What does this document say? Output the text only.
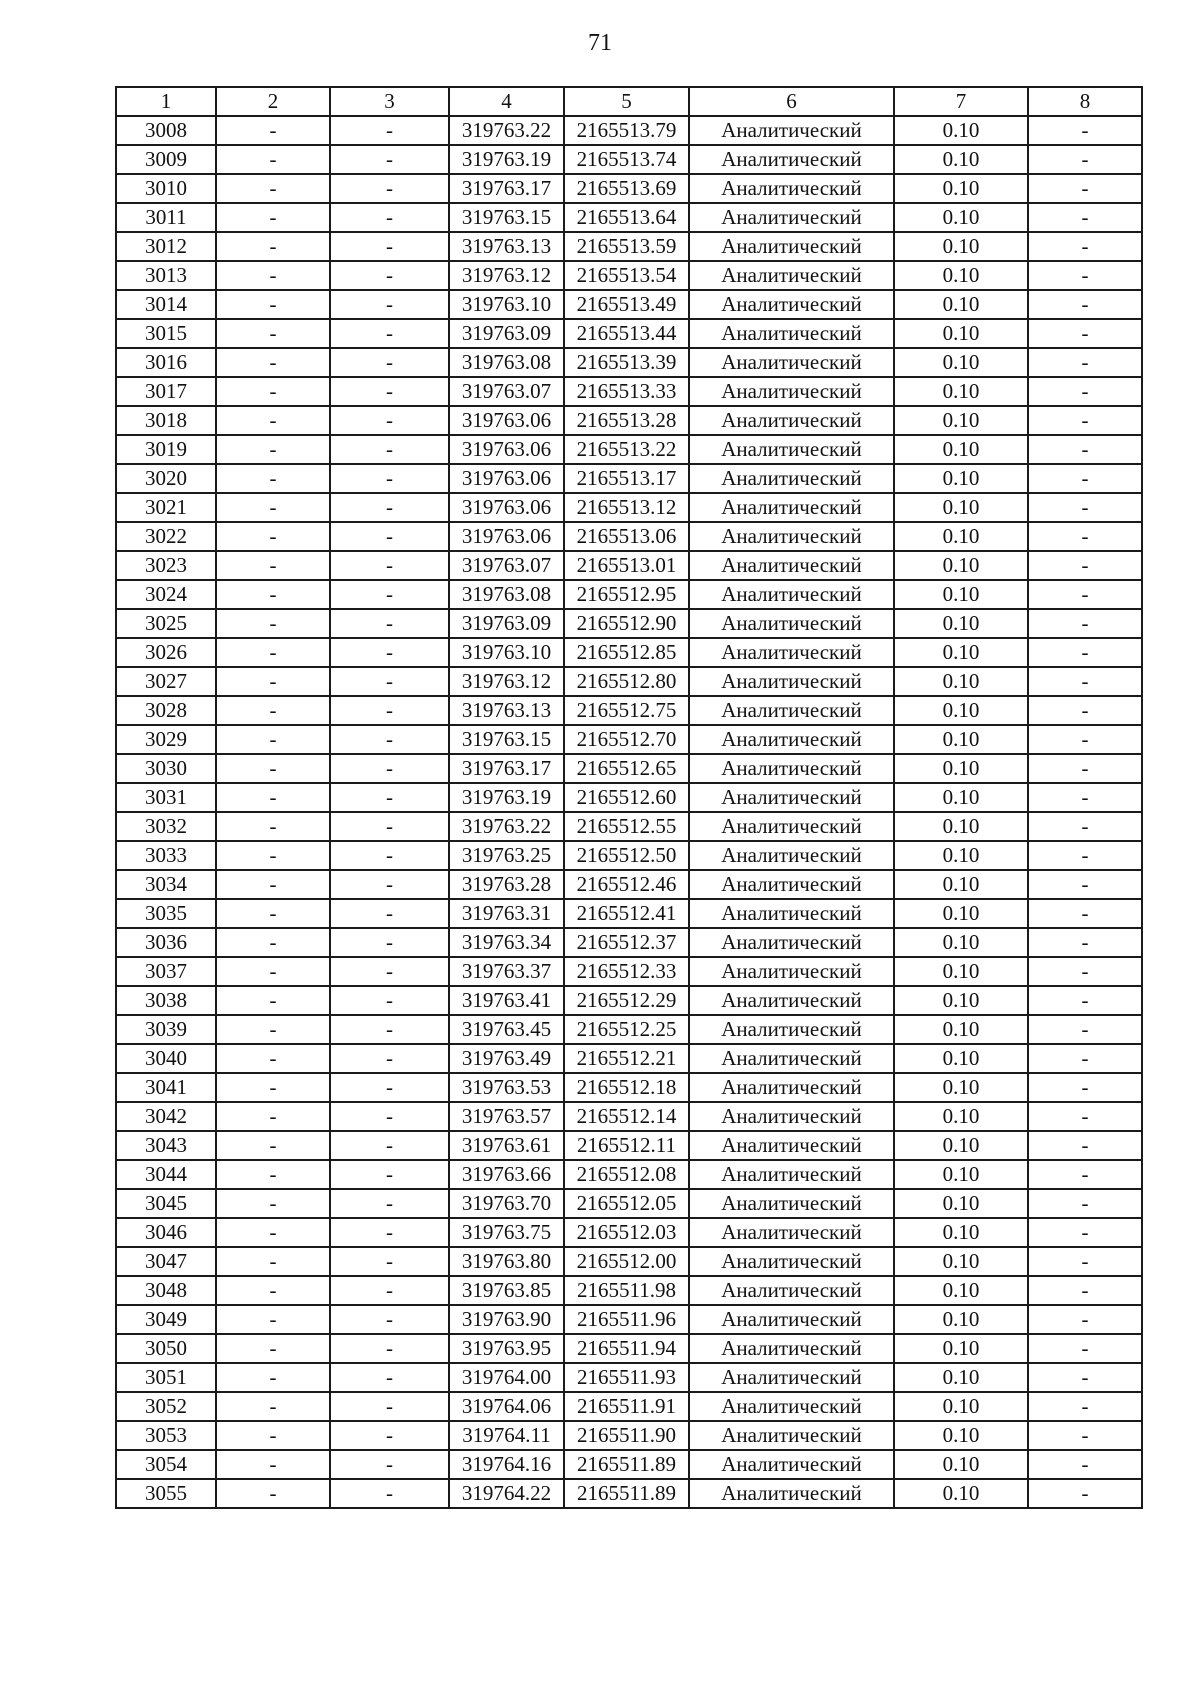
71
1	2	3	4	5	6	7	8
3008	-	-	319763.22	2165513.79	Аналитический	0.10	-
3009	-	-	319763.19	2165513.74	Аналитический	0.10	-
3010	-	-	319763.17	2165513.69	Аналитический	0.10	-
3011	-	-	319763.15	2165513.64	Аналитический	0.10	-
3012	-	-	319763.13	2165513.59	Аналитический	0.10	-
3013	-	-	319763.12	2165513.54	Аналитический	0.10	-
3014	-	-	319763.10	2165513.49	Аналитический	0.10	-
3015	-	-	319763.09	2165513.44	Аналитический	0.10	-
3016	-	-	319763.08	2165513.39	Аналитический	0.10	-
3017	-	-	319763.07	2165513.33	Аналитический	0.10	-
3018	-	-	319763.06	2165513.28	Аналитический	0.10	-
3019	-	-	319763.06	2165513.22	Аналитический	0.10	-
3020	-	-	319763.06	2165513.17	Аналитический	0.10	-
3021	-	-	319763.06	2165513.12	Аналитический	0.10	-
3022	-	-	319763.06	2165513.06	Аналитический	0.10	-
3023	-	-	319763.07	2165513.01	Аналитический	0.10	-
3024	-	-	319763.08	2165512.95	Аналитический	0.10	-
3025	-	-	319763.09	2165512.90	Аналитический	0.10	-
3026	-	-	319763.10	2165512.85	Аналитический	0.10	-
3027	-	-	319763.12	2165512.80	Аналитический	0.10	-
3028	-	-	319763.13	2165512.75	Аналитический	0.10	-
3029	-	-	319763.15	2165512.70	Аналитический	0.10	-
3030	-	-	319763.17	2165512.65	Аналитический	0.10	-
3031	-	-	319763.19	2165512.60	Аналитический	0.10	-
3032	-	-	319763.22	2165512.55	Аналитический	0.10	-
3033	-	-	319763.25	2165512.50	Аналитический	0.10	-
3034	-	-	319763.28	2165512.46	Аналитический	0.10	-
3035	-	-	319763.31	2165512.41	Аналитический	0.10	-
3036	-	-	319763.34	2165512.37	Аналитический	0.10	-
3037	-	-	319763.37	2165512.33	Аналитический	0.10	-
3038	-	-	319763.41	2165512.29	Аналитический	0.10	-
3039	-	-	319763.45	2165512.25	Аналитический	0.10	-
3040	-	-	319763.49	2165512.21	Аналитический	0.10	-
3041	-	-	319763.53	2165512.18	Аналитический	0.10	-
3042	-	-	319763.57	2165512.14	Аналитический	0.10	-
3043	-	-	319763.61	2165512.11	Аналитический	0.10	-
3044	-	-	319763.66	2165512.08	Аналитический	0.10	-
3045	-	-	319763.70	2165512.05	Аналитический	0.10	-
3046	-	-	319763.75	2165512.03	Аналитический	0.10	-
3047	-	-	319763.80	2165512.00	Аналитический	0.10	-
3048	-	-	319763.85	2165511.98	Аналитический	0.10	-
3049	-	-	319763.90	2165511.96	Аналитический	0.10	-
3050	-	-	319763.95	2165511.94	Аналитический	0.10	-
3051	-	-	319764.00	2165511.93	Аналитический	0.10	-
3052	-	-	319764.06	2165511.91	Аналитический	0.10	-
3053	-	-	319764.11	2165511.90	Аналитический	0.10	-
3054	-	-	319764.16	2165511.89	Аналитический	0.10	-
3055	-	-	319764.22	2165511.89	Аналитический	0.10	-
